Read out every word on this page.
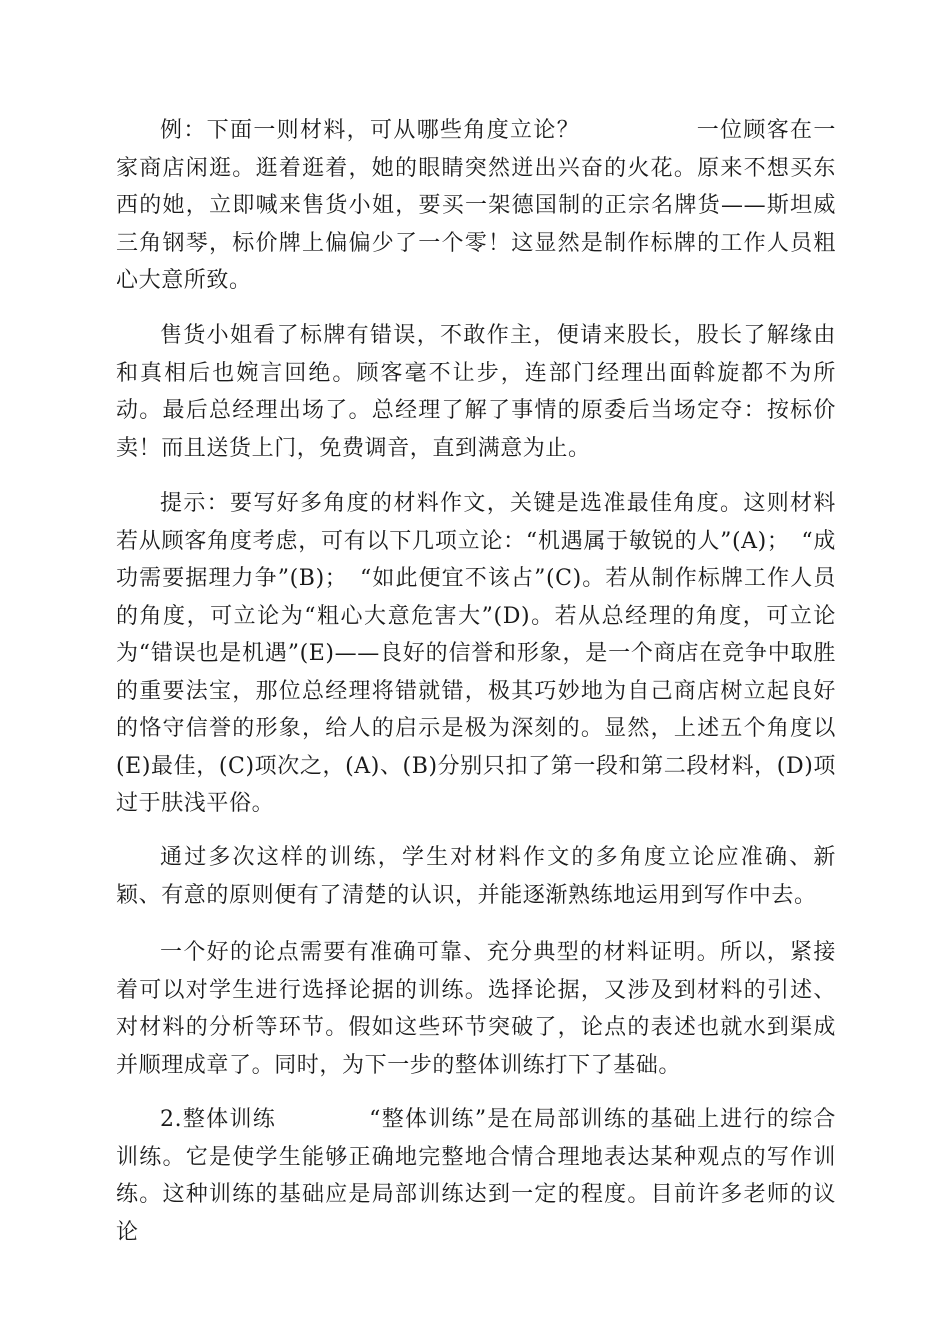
例：下面一则材料，可从哪些角度立论？　　　　　一位顾客在一家商店闲逛。逛着逛着，她的眼睛突然迸出兴奋的火花。原来不想买东西的她，立即喊来售货小姐，要买一架德国制的正宗名牌货——斯坦威三角钢琴，标价牌上偏偏少了一个零！这显然是制作标牌的工作人员粗心大意所致。

售货小姐看了标牌有错误，不敢作主，便请来股长，股长了解缘由和真相后也婉言回绝。顾客毫不让步，连部门经理出面斡旋都不为所动。最后总经理出场了。总经理了解了事情的原委后当场定夺：按标价卖！而且送货上门，免费调音，直到满意为止。

提示：要写好多角度的材料作文，关键是选准最佳角度。这则材料若从顾客角度考虑，可有以下几项立论：“机遇属于敏锐的人”(A)；　“成功需要据理力争”(B)；　“如此便宜不该占”(C)。若从制作标牌工作人员的角度，可立论为“粗心大意危害大”(D)。若从总经理的角度，可立论为“错误也是机遇”(E)——良好的信誉和形象，是一个商店在竞争中取胜的重要法宝，那位总经理将错就错，极其巧妙地为自己商店树立起良好的恪守信誉的形象，给人的启示是极为深刻的。显然，上述五个角度以(E)最佳，(C)项次之，(A)、(B)分别只扣了第一段和第二段材料，(D)项过于肤浅平俗。

通过多次这样的训练，学生对材料作文的多角度立论应准确、新颖、有意的原则便有了清楚的认识，并能逐渐熟练地运用到写作中去。

一个好的论点需要有准确可靠、充分典型的材料证明。所以，紧接着可以对学生进行选择论据的训练。选择论据，又涉及到材料的引述、对材料的分析等环节。假如这些环节突破了，论点的表述也就水到渠成并顺理成章了。同时，为下一步的整体训练打下了基础。

2.整体训练　　　　“整体训练”是在局部训练的基础上进行的综合训练。它是使学生能够正确地完整地合情合理地表达某种观点的写作训练。这种训练的基础应是局部训练达到一定的程度。目前许多老师的议论
